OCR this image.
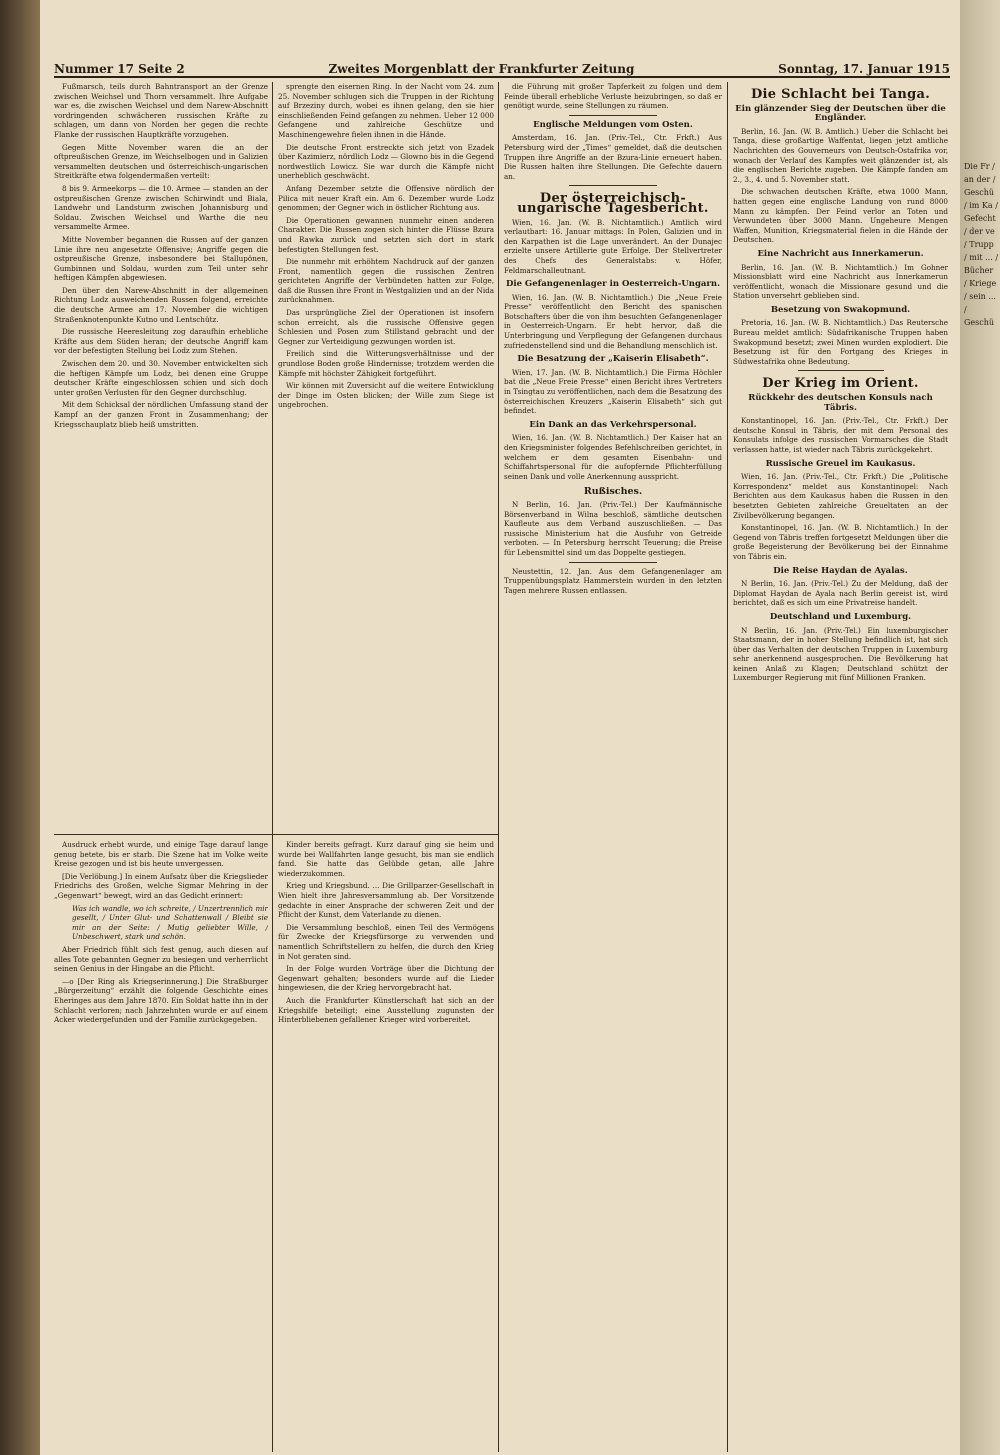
Nummer 17 Seite 2	Zweites Morgenblatt der Frankfurter Zeitung	Sonntag, 17. Januar 1915

Fußmarsch, teils durch Bahntransport an der Grenze zwischen Weichsel und Thorn versammelt. Ihre Aufgabe war es, die zwischen Weichsel und dem Narew-Abschnitt vordringenden schwächeren russischen Kräfte zu schlagen, um dann von Norden her gegen die rechte Flanke der russischen Hauptkräfte vorzugehen.

Gegen Mitte November waren die an der oftpreußischen Grenze, im Weichselbogen und in Galizien versammelten deutschen und österreichisch-ungarischen Streitkräfte etwa folgendermaßen verteilt:

8 bis 9. Armeekorps — die 10. Armee — standen an der ostpreußischen Grenze zwischen Schirwindt und Biala, Landwehr und Landsturm zwischen Johannisburg und Soldau. Zwischen Weichsel und Warthe die neu versammelte Armee.

Mitte November begannen die Russen auf der ganzen Linie ihre neu angesetzte Offensive; Angriffe gegen die ostpreußische Grenze, insbesondere bei Stallupönen, Gumbinnen und Soldau, wurden zum Teil unter sehr heftigen Kämpfen abgewiesen.

Den über den Narew-Abschnitt in der allgemeinen Richtung Lodz ausweichenden Russen folgend, erreichte die deutsche Armee am 17. November die wichtigen Straßenknotenpunkte Kutno und Lentschütz.

Die russische Heeresleitung zog daraufhin erhebliche Kräfte aus dem Süden heran; der deutsche Angriff kam vor der befestigten Stellung bei Lodz zum Stehen.

Zwischen dem 20. und 30. November entwickelten sich die heftigen Kämpfe um Lodz, bei denen eine Gruppe deutscher Kräfte eingeschlossen schien und sich doch unter großen Verlusten für den Gegner durchschlug.

Mit dem Schicksal der nördlichen Umfassung stand der Kampf an der ganzen Front in Zusammenhang; der Kriegsschauplatz blieb heiß umstritten.

sprengte den eisernen Ring. In der Nacht vom 24. zum 25. November schlugen sich die Truppen in der Richtung auf Brzeziny durch, wobei es ihnen gelang, den sie hier einschließenden Feind gefangen zu nehmen. Ueber 12 000 Gefangene und zahlreiche Geschütze und Maschinengewehre fielen ihnen in die Hände.

Die deutsche Front erstreckte sich jetzt von Ezadek über Kazimierz, nördlich Lodz — Glowno bis in die Gegend nordwestlich Lowicz. Sie war durch die Kämpfe nicht unerheblich geschwächt.

Anfang Dezember setzte die Offensive nördlich der Pilica mit neuer Kraft ein. Am 6. Dezember wurde Lodz genommen; der Gegner wich in östlicher Richtung aus.

Die Operationen gewannen nunmehr einen anderen Charakter. Die Russen zogen sich hinter die Flüsse Bzura und Rawka zurück und setzten sich dort in stark befestigten Stellungen fest.

Die nunmehr mit erhöhtem Nachdruck auf der ganzen Front, namentlich gegen die russischen Zentren gerichteten Angriffe der Verbündeten hatten zur Folge, daß die Russen ihre Front in Westgalizien und an der Nida zurücknahmen.

Das ursprüngliche Ziel der Operationen ist insofern schon erreicht, als die russische Offensive gegen Schlesien und Posen zum Stillstand gebracht und der Gegner zur Verteidigung gezwungen worden ist.

Freilich sind die Witterungsverhältnisse und der grundlose Boden große Hindernisse; trotzdem werden die Kämpfe mit höchster Zähigkeit fortgeführt.

Wir können mit Zuversicht auf die weitere Entwicklung der Dinge im Osten blicken; der Wille zum Siege ist ungebrochen.

Ausdruck erhebt wurde, und einige Tage darauf lange genug betete, bis er starb. Die Szene hat im Volke weite Kreise gezogen und ist bis heute unvergessen.

[Die Verlöbung.] In einem Aufsatz über die Kriegslieder Friedrichs des Großen, welche Sigmar Mehring in der „Gegenwart“ bewegt, wird an das Gedicht erinnert:

Was ich wandle, wo ich schreite, / Unzertrennlich mir gesellt, / Unter Glut- und Schattenwall / Bleibt sie mir an der Seite: / Mutig geliebter Wille, / Unbeschwert, stark und schön.

Aber Friedrich fühlt sich fest genug, auch diesen auf alles Tote gebannten Gegner zu besiegen und verherrlicht seinen Genius in der Hingabe an die Pflicht.

—o [Der Ring als Kriegserinnerung.] Die Straßburger „Bürgerzeitung“ erzählt die folgende Geschichte eines Eheringes aus dem Jahre 1870. Ein Soldat hatte ihn in der Schlacht verloren; nach Jahrzehnten wurde er auf einem Acker wiedergefunden und der Familie zurückgegeben.

Kinder bereits gefragt. Kurz darauf ging sie heim und wurde bei Wallfahrten lange gesucht, bis man sie endlich fand. Sie hatte das Gelübde getan, alle Jahre wiederzukommen.

Krieg und Kriegsbund. ... Die Grillparzer-Gesellschaft in Wien hielt ihre Jahresversammlung ab. Der Vorsitzende gedachte in einer Ansprache der schweren Zeit und der Pflicht der Kunst, dem Vaterlande zu dienen.

Die Versammlung beschloß, einen Teil des Vermögens für Zwecke der Kriegsfürsorge zu verwenden und namentlich Schriftstellern zu helfen, die durch den Krieg in Not geraten sind.

In der Folge wurden Vorträge über die Dichtung der Gegenwart gehalten; besonders wurde auf die Lieder hingewiesen, die der Krieg hervorgebracht hat.

Auch die Frankfurter Künstlerschaft hat sich an der Kriegshilfe beteiligt; eine Ausstellung zugunsten der Hinterbliebenen gefallener Krieger wird vorbereitet.

die Führung mit großer Tapferkeit zu folgen und dem Feinde überall erhebliche Verluste beizubringen, so daß er genötigt wurde, seine Stellungen zu räumen.

Englische Meldungen vom Osten.

Amsterdam, 16. Jan. (Priv.-Tel., Ctr. Frkft.) Aus Petersburg wird der „Times“ gemeldet, daß die deutschen Truppen ihre Angriffe an der Bzura-Linie erneuert haben. Die Russen halten ihre Stellungen. Die Gefechte dauern an.

Der österreichisch-ungarische Tagesbericht.

Wien, 16. Jan. (W. B. Nichtamtlich.) Amtlich wird verlautbart: 16. Januar mittags: In Polen, Galizien und in den Karpathen ist die Lage unverändert. An der Dunajec erzielte unsere Artillerie gute Erfolge. Der Stellvertreter des Chefs des Generalstabs: v. Höfer, Feldmarschalleutnant.

Die Gefangenenlager in Oesterreich-Ungarn.

Wien, 16. Jan. (W. B. Nichtamtlich.) Die „Neue Freie Presse“ veröffentlicht den Bericht des spanischen Botschafters über die von ihm besuchten Gefangenenlager in Oesterreich-Ungarn. Er hebt hervor, daß die Unterbringung und Verpflegung der Gefangenen durchaus zufriedenstellend sind und die Behandlung menschlich ist.

Die Besatzung der „Kaiserin Elisabeth“.

Wien, 17. Jan. (W. B. Nichtamtlich.) Die Firma Höchler bat die „Neue Freie Presse“ einen Bericht ihres Vertreters in Tsingtau zu veröffentlichen, nach dem die Besatzung des österreichischen Kreuzers „Kaiserin Elisabeth“ sich gut befindet.

Ein Dank an das Verkehrspersonal.

Wien, 16. Jan. (W. B. Nichtamtlich.) Der Kaiser hat an den Kriegsminister folgendes Befehlschreiben gerichtet, in welchem er dem gesamten Eisenbahn- und Schiffahrtspersonal für die aufopfernde Pflichterfüllung seinen Dank und volle Anerkennung ausspricht.

Rußisches.

N Berlin, 16. Jan. (Priv.-Tel.) Der Kaufmännische Börsenverband in Wilna beschloß, sämtliche deutschen Kaufleute aus dem Verband auszuschließen. — Das russische Ministerium hat die Ausfuhr von Getreide verboten. — In Petersburg herrscht Teuerung; die Preise für Lebensmittel sind um das Doppelte gestiegen.

Neustettin, 12. Jan. Aus dem Gefangenenlager am Truppenübungsplatz Hammerstein wurden in den letzten Tagen mehrere Russen entlassen.

Die Schlacht bei Tanga.
Ein glänzender Sieg der Deutschen über die Engländer.

Berlin, 16. Jan. (W. B. Amtlich.) Ueber die Schlacht bei Tanga, diese großartige Waffentat, liegen jetzt amtliche Nachrichten des Gouverneurs von Deutsch-Ostafrika vor, wonach der Verlauf des Kampfes weit glänzender ist, als die englischen Berichte zugeben. Die Kämpfe fanden am 2., 3., 4. und 5. November statt.

Die schwachen deutschen Kräfte, etwa 1000 Mann, hatten gegen eine englische Landung von rund 8000 Mann zu kämpfen. Der Feind verlor an Toten und Verwundeten über 3000 Mann. Ungeheure Mengen Waffen, Munition, Kriegsmaterial fielen in die Hände der Deutschen.

Eine Nachricht aus Innerkamerun.

Berlin, 16. Jan. (W. B. Nichtamtlich.) Im Gohner Missionsblatt wird eine Nachricht aus Innerkamerun veröffentlicht, wonach die Missionare gesund und die Station unversehrt geblieben sind.

Besetzung von Swakopmund.

Pretoria, 16. Jan. (W. B. Nichtamtlich.) Das Reutersche Bureau meldet amtlich: Südafrikanische Truppen haben Swakopmund besetzt; zwei Minen wurden explodiert. Die Besetzung ist für den Fortgang des Krieges in Südwestafrika ohne Bedeutung.

Der Krieg im Orient.
Rückkehr des deutschen Konsuls nach Täbris.

Konstantinopel, 16. Jan. (Priv.-Tel., Ctr. Frkft.) Der deutsche Konsul in Täbris, der mit dem Personal des Konsulats infolge des russischen Vormarsches die Stadt verlassen hatte, ist wieder nach Täbris zurückgekehrt.

Russische Greuel im Kaukasus.

Wien, 16. Jan. (Priv.-Tel., Ctr. Frkft.) Die „Politische Korrespondenz“ meldet aus Konstantinopel: Nach Berichten aus dem Kaukasus haben die Russen in den besetzten Gebieten zahlreiche Greueltaten an der Zivilbevölkerung begangen.

Konstantinopel, 16. Jan. (W. B. Nichtamtlich.) In der Gegend von Täbris treffen fortgesetzt Meldungen über die große Begeisterung der Bevölkerung bei der Einnahme von Täbris ein.

Die Reise Haydan de Ayalas.

N Berlin, 16. Jan. (Priv.-Tel.) Zu der Meldung, daß der Diplomat Haydan de Ayala nach Berlin gereist ist, wird berichtet, daß es sich um eine Privatreise handelt.

Deutschland und Luxemburg.

N Berlin, 16. Jan. (Priv.-Tel.) Ein luxemburgischer Staatsmann, der in hoher Stellung befindlich ist, hat sich über das Verhalten der deutschen Truppen in Luxemburg sehr anerkennend ausgesprochen. Die Bevölkerung hat keinen Anlaß zu Klagen; Deutschland schützt der Luxemburger Regierung mit fünf Millionen Franken.

Die Fr / an der / Geschü / im Ka / Gefecht / der ve / Trupp / mit ... / Bücher / Kriege / sein ... / Geschü
